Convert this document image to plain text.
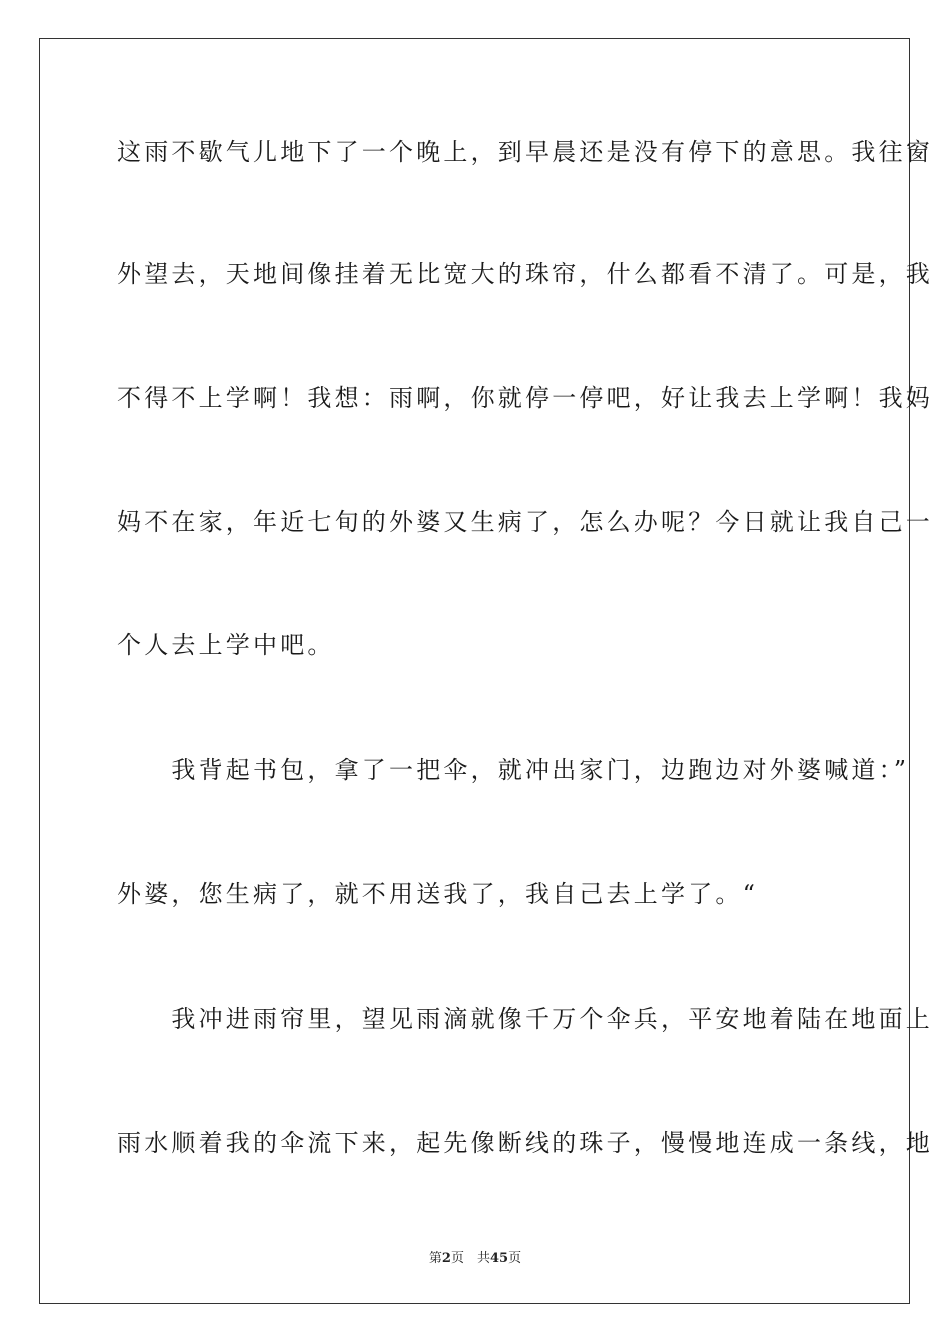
这雨不歇气儿地下了一个晚上，到早晨还是没有停下的意思。我往窗
外望去，天地间像挂着无比宽大的珠帘，什么都看不清了。可是，我
不得不上学啊！我想：雨啊，你就停一停吧，好让我去上学啊！我妈
妈不在家，年近七旬的外婆又生病了，怎么办呢？今日就让我自己一
个人去上学中吧。
　　我背起书包，拿了一把伞，就冲出家门，边跑边对外婆喊道：”
外婆，您生病了，就不用送我了，我自己去上学了。“
　　我冲进雨帘里，望见雨滴就像千万个伞兵，平安地着陆在地面上
雨水顺着我的伞流下来，起先像断线的珠子，慢慢地连成一条线，地
第2页  共45页
